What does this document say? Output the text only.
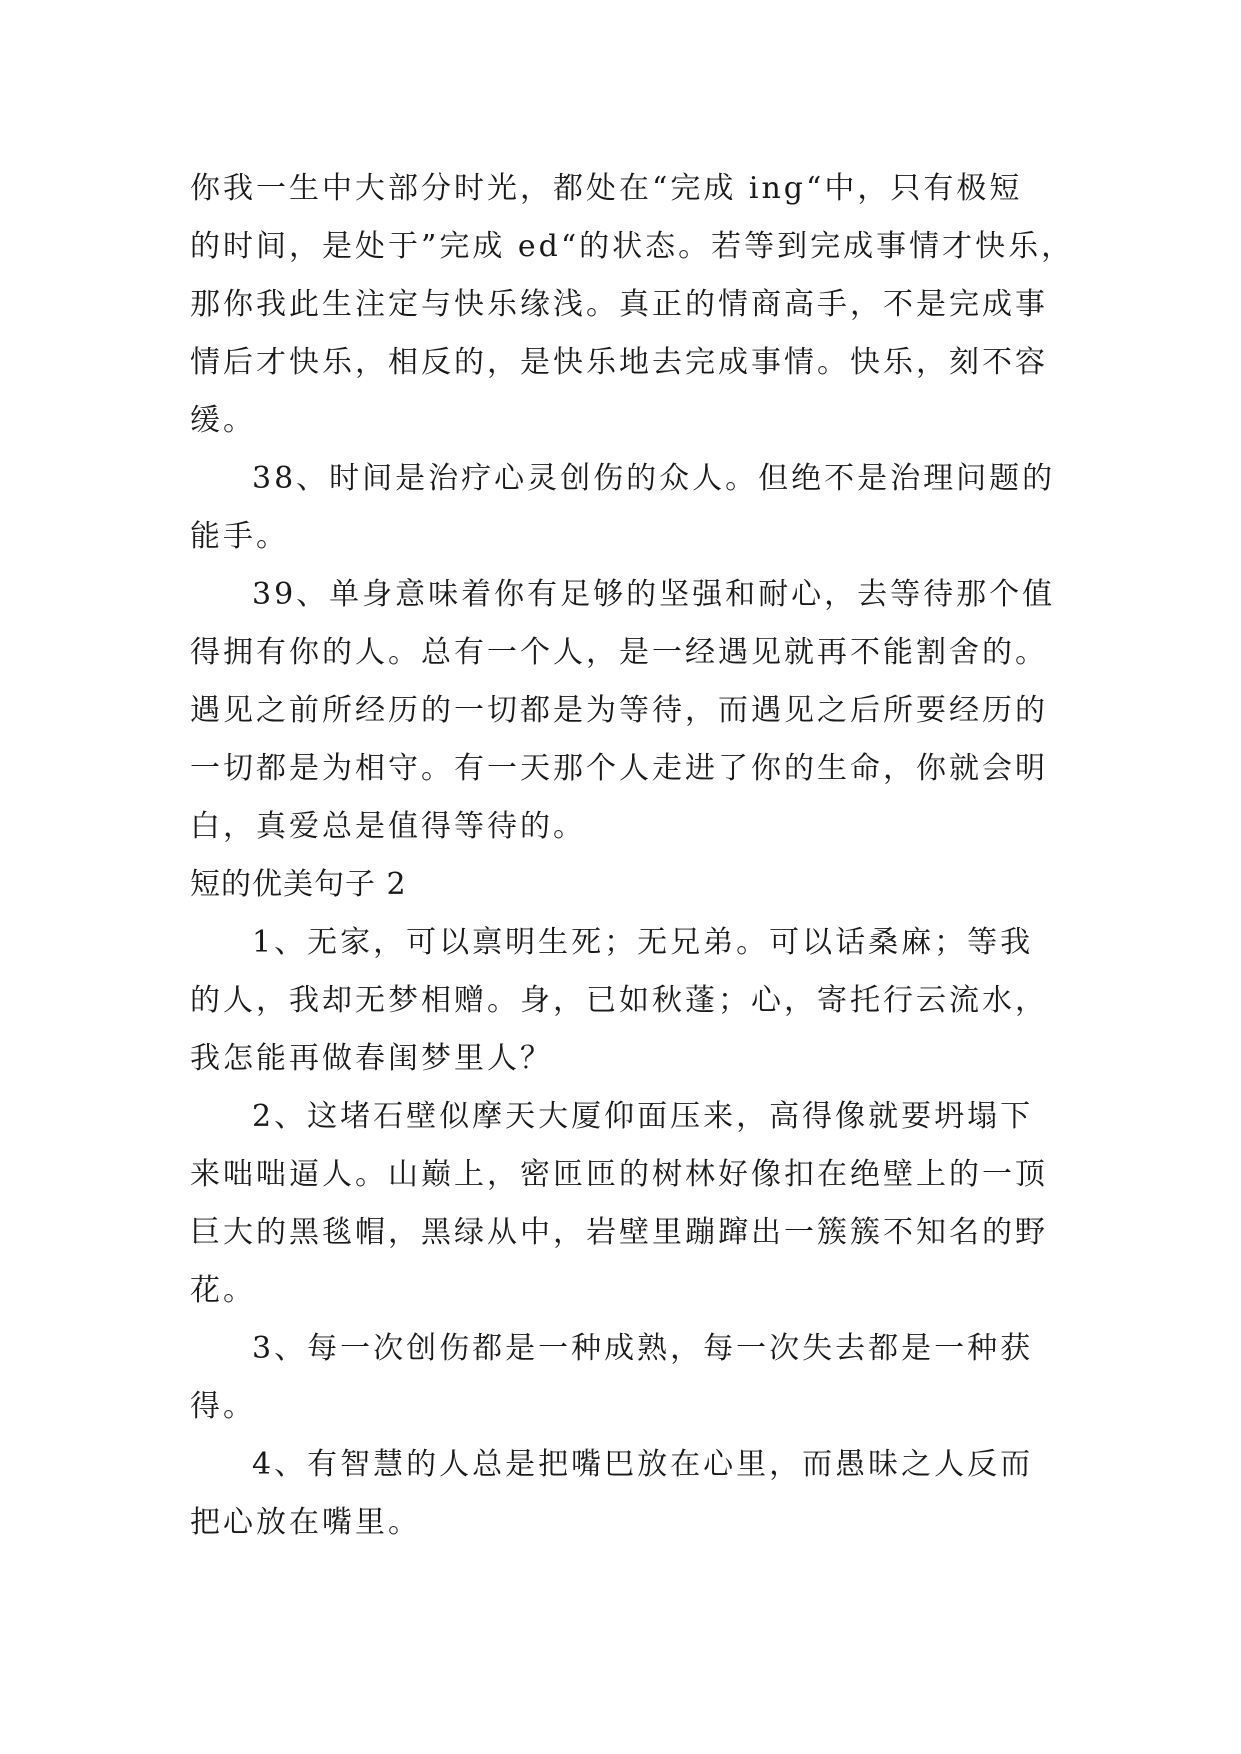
你我一生中大部分时光，都处在“完成 ing“中，只有极短
的时间，是处于”完成 ed“的状态。若等到完成事情才快乐，
那你我此生注定与快乐缘浅。真正的情商高手，不是完成事
情后才快乐，相反的，是快乐地去完成事情。快乐，刻不容
缓。
38、时间是治疗心灵创伤的众人。但绝不是治理问题的
能手。
39、单身意味着你有足够的坚强和耐心，去等待那个值
得拥有你的人。总有一个人，是一经遇见就再不能割舍的。
遇见之前所经历的一切都是为等待，而遇见之后所要经历的
一切都是为相守。有一天那个人走进了你的生命，你就会明
白，真爱总是值得等待的。
短的优美句子 2
1、无家，可以禀明生死；无兄弟。可以话桑麻；等我
的人，我却无梦相赠。身，已如秋蓬；心，寄托行云流水，
我怎能再做春闺梦里人？
2、这堵石壁似摩天大厦仰面压来，高得像就要坍塌下
来咄咄逼人。山巅上，密匝匝的树林好像扣在绝壁上的一顶
巨大的黑毯帽，黑绿从中，岩壁里蹦蹿出一簇簇不知名的野
花。
3、每一次创伤都是一种成熟，每一次失去都是一种获
得。
4、有智慧的人总是把嘴巴放在心里，而愚昧之人反而
把心放在嘴里。
